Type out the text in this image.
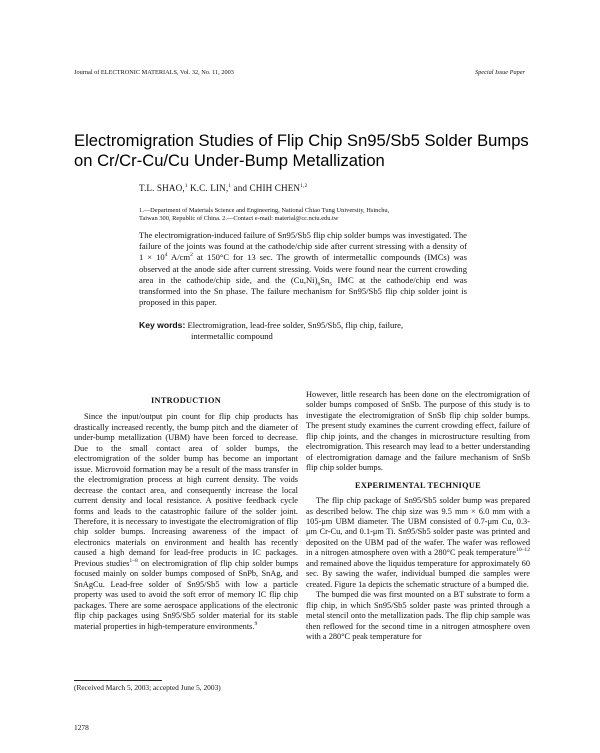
Journal of ELECTRONIC MATERIALS, Vol. 32, No. 11, 2003	Special Issue Paper
Electromigration Studies of Flip Chip Sn95/Sb5 Solder Bumps on Cr/Cr-Cu/Cu Under-Bump Metallization
T.L. SHAO,$^1$ K.C. LIN,$^1$ and CHIH CHEN$^{1,2}$
1.—Department of Materials Science and Engineering, National Chiao Tung University, Hsinchu,
Taiwan 300, Republic of China. 2.—Contact e-mail: material@cc.nctu.edu.tw
The electromigration-induced failure of Sn95/Sb5 flip chip solder bumps was investigated. The failure of the joints was found at the cathode/chip side after current stressing with a density of $1 \times 10^4$ $A/cm^2$ at 150°C for 13 sec. The growth of intermetallic compounds (IMCs) was observed at the anode side after current stressing. Voids were found near the current crowding area in the cathode/chip side, and the $(Cu,Ni)_6Sn_5$ IMC at the cathode/chip end was transformed into the Sn phase. The failure mechanism for Sn95/Sb5 flip chip solder joint is proposed in this paper.
Key words: Electromigration, lead-free solder, Sn95/Sb5, flip chip, failure,
intermetallic compound
INTRODUCTION

Since the input/output pin count for flip chip products has drastically increased recently, the bump pitch and the diameter of under-bump metallization (UBM) have been forced to decrease. Due to the small contact area of solder bumps, the electromigration of the solder bump has become an important issue. Microvoid formation may be a result of the mass transfer in the electromigration process at high current density. The voids decrease the contact area, and consequently increase the local current density and local resistance. A positive feedback cycle forms and leads to the catastrophic failure of the solder joint. Therefore, it is necessary to investigate the electromigration of flip chip solder bumps. Increasing awareness of the impact of electronics materials on environment and health has recently caused a high demand for lead-free products in IC packages. Previous studies$^{1-8}$ on electromigration of flip chip solder bumps focused mainly on solder bumps composed of SnPb, SnAg, and SnAgCu. Lead-free solder of Sn95/Sb5 with low a particle property was used to avoid the soft error of memory IC flip chip packages. There are some aerospace applications of the electronic flip chip packages using Sn95/Sb5 solder material for its stable material properties in high-temperature environments.$^9$

However, little research has been done on the electromigration of solder bumps composed of SnSb. The purpose of this study is to investigate the electromigration of SnSb flip chip solder bumps. The present study examines the current crowding effect, failure of flip chip joints, and the changes in microstructure resulting from electromigration. This research may lead to a better understanding of electromigration damage and the failure mechanism of SnSb flip chip solder bumps.

EXPERIMENTAL TECHNIQUE

The flip chip package of Sn95/Sb5 solder bump was prepared as described below. The chip size was 9.5 mm × 6.0 mm with a 105-μm UBM diameter. The UBM consisted of 0.7-μm Cu, 0.3-μm Cr-Cu, and 0.1-μm Ti. Sn95/Sb5 solder paste was printed and deposited on the UBM pad of the wafer. The wafer was reflowed in a nitrogen atmosphere oven with a 280°C peak temperature$^{10-12}$ and remained above the liquidus temperature for approximately 60 sec. By sawing the wafer, individual bumped die samples were created. Figure 1a depicts the schematic structure of a bumped die.

The bumped die was first mounted on a BT substrate to form a flip chip, in which Sn95/Sb5 solder paste was printed through a metal stencil onto the metallization pads. The flip chip sample was then reflowed for the second time in a nitrogen atmosphere oven with a 280°C peak temperature for

(Received March 5, 2003; accepted June 5, 2003)
1278
